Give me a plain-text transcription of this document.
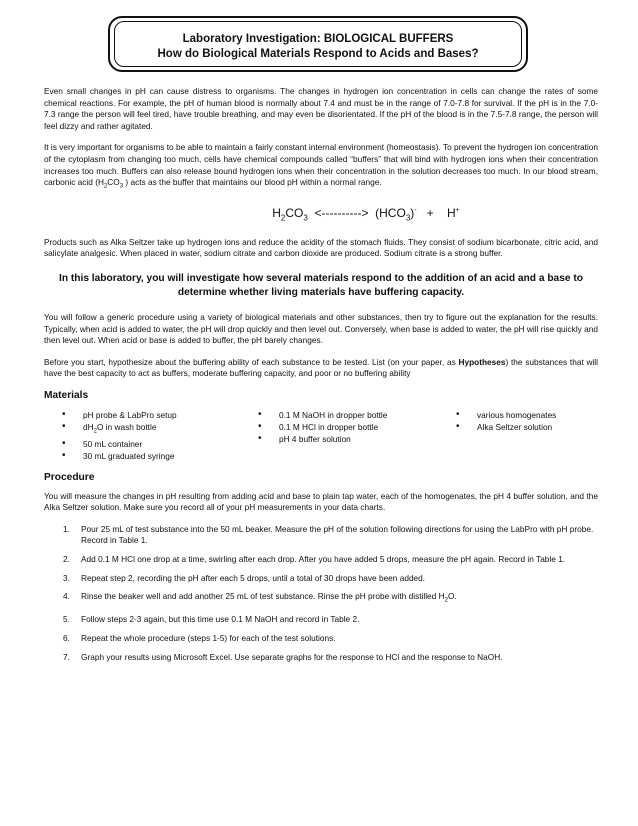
Laboratory Investigation: BIOLOGICAL BUFFERS
How do Biological Materials Respond to Acids and Bases?

Even small changes in pH can cause distress to organisms. The changes in hydrogen ion concentration in cells can change the rates of some chemical reactions. For example, the pH of human blood is normally about 7.4 and must be in the range of 7.0-7.8 for survival. If the pH is in the 7.0-7.3 range the person will feel tired, have trouble breathing, and may even be disorientated. If the pH of the blood is in the 7.5-7.8 range, the person will feel dizzy and rather agitated.

It is very important for organisms to be able to maintain a fairly constant internal environment (homeostasis). To prevent the hydrogen ion concentration of the cytoplasm from changing too much, cells have chemical compounds called “buffers” that will bind with hydrogen ions when their concentration increases too much. Buffers can also release bound hydrogen ions when their concentration in the solution decreases too much. In our blood stream, carbonic acid ($H_2CO_3$ ) acts as the buffer that maintains our blood pH within a normal range.

$H_2CO_3$  <---------->  $(HCO_3)^-$   +    H+

Products such as Alka Seltzer take up hydrogen ions and reduce the acidity of the stomach fluids. They consist of sodium bicarbonate, citric acid, and salicylate analgesic. When placed in water, sodium citrate and carbon dioxide are produced. Sodium citrate is a strong buffer.

In this laboratory, you will investigate how several materials respond to the addition of an acid and a base to determine whether living materials have buffering capacity.

You will follow a generic procedure using a variety of biological materials and other substances, then try to figure out the explanation for the results. Typically, when acid is added to water, the pH will drop quickly and then level out. Conversely, when base is added to water, the pH will rise quickly and then level out. When acid or base is added to buffer, the pH barely changes.

Before you start, hypothesize about the buffering ability of each substance to be tested. List (on your paper, as Hypotheses) the substances that will have the best capacity to act as buffers, moderate buffering capacity, and poor or no buffering ability

Materials
• pH probe & LabPro setup
• $dH_2O$ in wash bottle
• 50 mL container
• 30 mL graduated syringe
• 0.1 M NaOH in dropper bottle
• 0.1 M HCl in dropper bottle
• pH 4 buffer solution
• various homogenates
• Alka Seltzer solution
Procedure

You will measure the changes in pH resulting from adding acid and base to plain tap water, each of the homogenates, the pH 4 buffer solution, and the Alka Seltzer solution. Make sure you record all of your pH measurements in your data charts.

1. Pour 25 mL of test substance into the 50 mL beaker. Measure the pH of the solution following directions for using the LabPro with pH probe. Record in Table 1.
2. Add 0.1 M HCl one drop at a time, swirling after each drop. After you have added 5 drops, measure the pH again. Record in Table 1.
3. Repeat step 2, recording the pH after each 5 drops, until a total of 30 drops have been added.
4. Rinse the beaker well and add another 25 mL of test substance. Rinse the pH probe with distilled $H_2O$.
5. Follow steps 2-3 again, but this time use 0.1 M NaOH and record in Table 2.
6. Repeat the whole procedure (steps 1-5) for each of the test solutions.
7. Graph your results using Microsoft Excel. Use separate graphs for the response to HCl and the response to NaOH.
